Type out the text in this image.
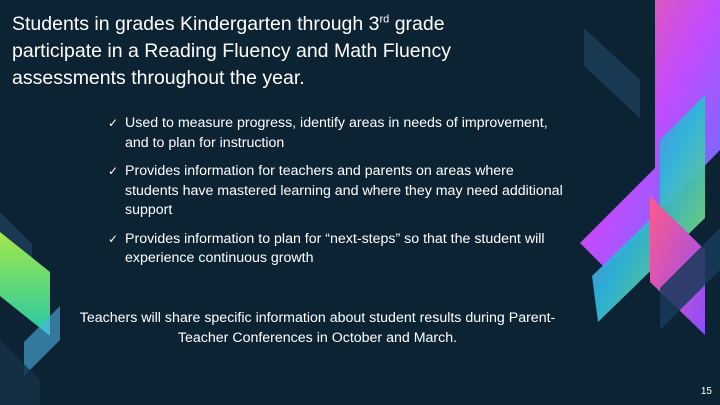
Students in grades Kindergarten through 3rd grade participate in a Reading Fluency and Math Fluency assessments throughout the year.
✓ Used to measure progress, identify areas in needs of improvement, and to plan for instruction
✓ Provides information for teachers and parents on areas where students have mastered learning and where they may need additional support
✓ Provides information to plan for “next-steps” so that the student will experience continuous growth

Teachers will share specific information about student results during Parent-Teacher Conferences in October and March.

15
